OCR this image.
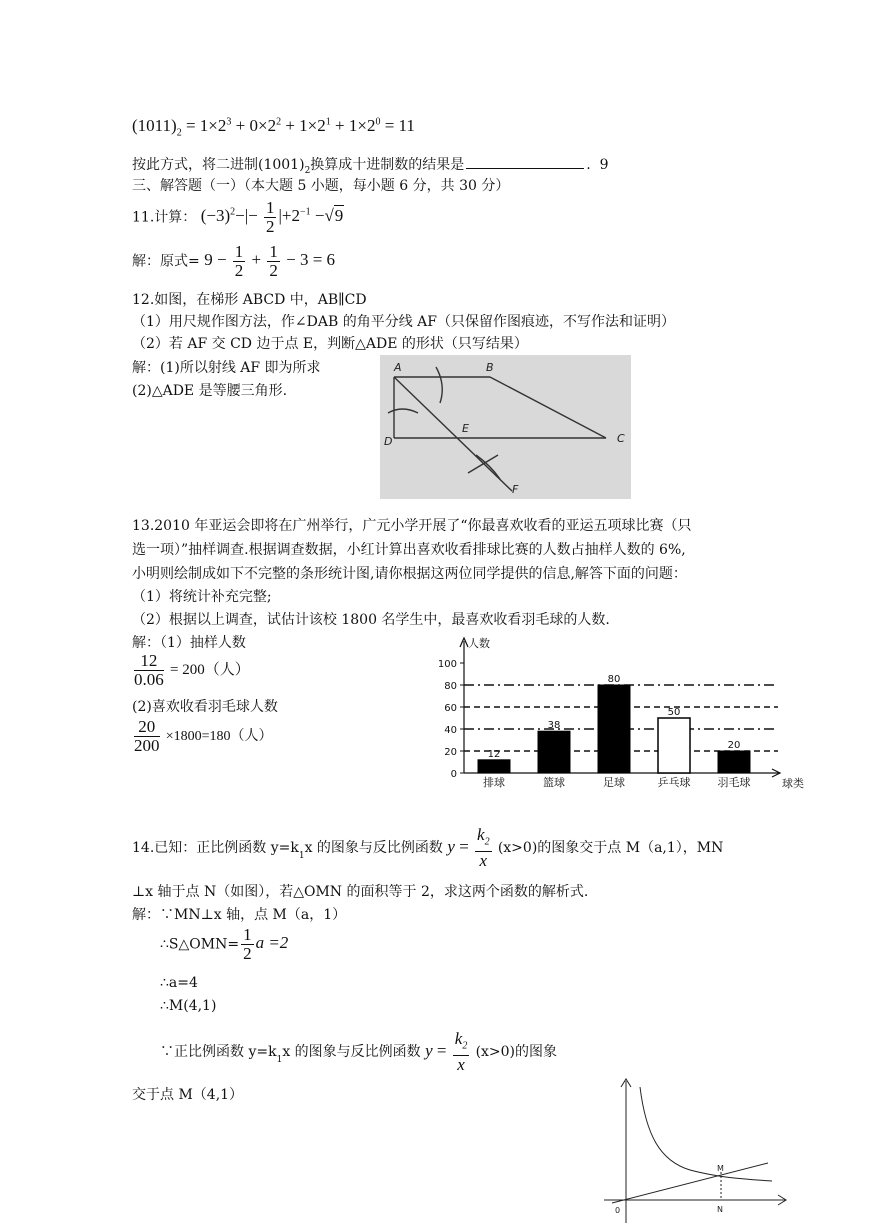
$(1011)_2 = 1\times 2^3 + 0\times 2^2 + 1\times 2^1 + 1\times 2^0 = 11$
按此方式，将二进制$(1001)_2$换算成十进制数的结果是	. 9
三、解答题（一）（本大题 5 小题，每小题 6 分，共 30 分）
11.计算： $(-3)^2-|- \frac{1}{2} |+2^{-1} -√9$
解：原式= $9 - \frac{1}{2} + \frac{1}{2} - 3 = 6$
12.如图，在梯形 ABCD 中，AB∥CD
（1）用尺规作图方法，作∠DAB 的角平分线 AF（只保留作图痕迹，不写作法和证明）
（2）若 AF 交 CD 边于点 E，判断△ADE 的形状（只写结果）
解：(1)所以射线 AF 即为所求
(2)△ADE 是等腰三角形.
A	B
C
D
E
F
13.2010 年亚运会即将在广州举行，广元小学开展了“你最喜欢收看的亚运五项球比赛（只
选一项）”抽样调查.根据调查数据，小红计算出喜欢收看排球比赛的人数占抽样人数的 6%,
小明则绘制成如下不完整的条形统计图,请你根据这两位同学提供的信息,解答下面的问题：
（1）将统计补充完整;
（2）根据以上调查，试估计该校 1800 名学生中，最喜欢收看羽毛球的人数.
解：（1）抽样人数
$\frac{12}{0.06} = 200$（人）
(2)喜欢收看羽毛球人数
$\frac{20}{200} \times 1800=180$（人）
0
20
40
60
80
100
12
排球
38
篮球
80
足球
50
乒乓球
20
羽毛球
人数
球类
14.已知：正比例函数 $y=k_1x$ 的图象与反比例函数 $y = \frac{k_2}{x} (x>0)$的图象交于点 M（a,1），MN
⊥x 轴于点 N（如图），若△OMN 的面积等于 2，求这两个函数的解析式.
解：∵MN⊥x 轴，点 M（a，1）
∴S△OMN= $\frac{1}{2}$ a =2
∴a=4
∴M(4,1)
∵正比例函数 $y=k_1x$ 的图象与反比例函数 $y = \frac{k_2}{x} (x>0)$的图象
交于点 M（4,1）
0
M
N
